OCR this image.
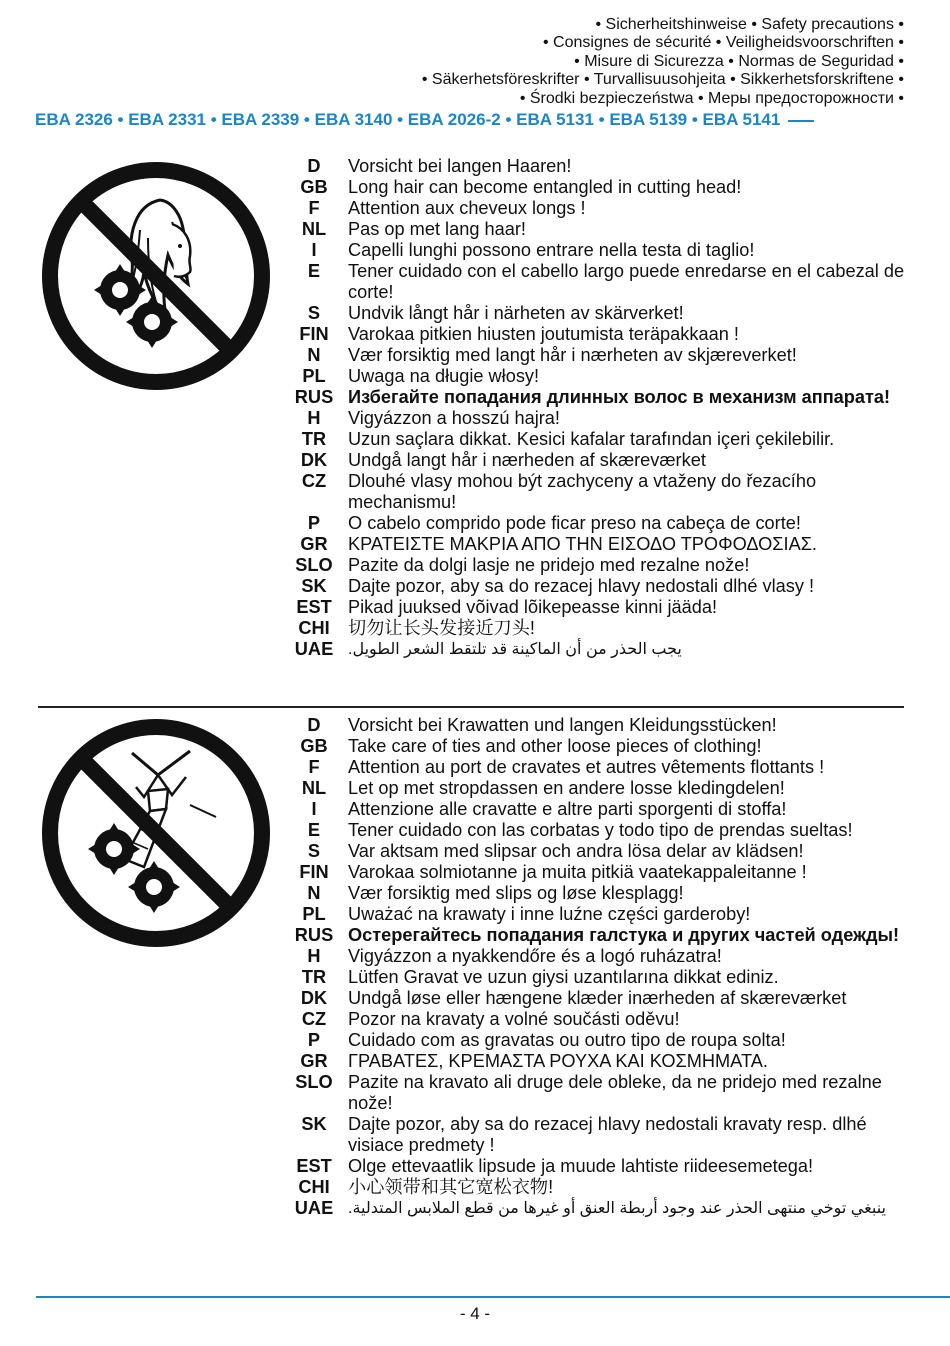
• Sicherheitshinweise • Safety precautions •
• Consignes de sécurité • Veiligheidsvoorschriften •
• Misure di Sicurezza • Normas de Seguridad •
• Säkerhetsföreskrifter • Turvallisuusohjeita • Sikkerhetsforskriftene •
• Środki bezpieczeństwa • Меры предосторожности •
EBA 2326 • EBA 2331 • EBA 2339 • EBA 3140 • EBA 2026-2 • EBA 5131 • EBA 5139 • EBA 5141
D	Vorsicht bei langen Haaren!
GB	Long hair can become entangled in cutting head!
F	Attention aux cheveux longs !
NL	Pas op met lang haar!
I	Capelli lunghi possono entrare nella testa di taglio!
E	Tener cuidado con el cabello largo puede enredarse en el cabezal de corte!
S	Undvik långt hår i närheten av skärverket!
FIN	Varokaa pitkien hiusten joutumista teräpakkaan !
N	Vær forsiktig med langt hår i nærheten av skjæreverket!
PL	Uwaga na długie włosy!
RUS Избегайте попадания длинных волос в механизм аппарата!
H	Vigyázzon a hosszú hajra!
TR	Uzun saçlara dikkat. Kesici kafalar tarafından içeri çekilebilir.
DK	Undgå langt hår i nærheden af skæreværket
CZ	Dlouhé vlasy mohou být zachyceny a vtaženy do řezacího mechanismu!
P	O cabelo comprido pode ficar preso na cabeça de corte!
GR	ΚΡΑΤΕΙΣΤΕ ΜΑΚΡΙΑ ΑΠΟ ΤΗΝ ΕΙΣΟΔΟ ΤΡΟΦΟΔΟΣΙΑΣ.
SLO Pazite da dolgi lasje ne pridejo med rezalne nože!
SK	Dajte pozor, aby sa do rezacej hlavy nedostali dlhé vlasy !
EST Pikad juuksed võivad lõikepeasse kinni jääda!
CHI	切勿让长头发接近刀头!
UAE يجب الحذر من أن الماكينة قد تلتقط الشعر الطويل.
D	Vorsicht bei Krawatten und langen Kleidungsstücken!
GB	Take care of ties and other loose pieces of clothing!
F	Attention au port de cravates et autres vêtements flottants !
NL	Let op met stropdassen en andere losse kledingdelen!
I	Attenzione alle cravatte e altre parti sporgenti di stoffa!
E	Tener cuidado con las corbatas y todo tipo de prendas sueltas!
S	Var aktsam med slipsar och andra lösa delar av klädsen!
FIN	Varokaa solmiotanne ja muita pitkiä vaatekappaleitanne !
N	Vær forsiktig med slips og løse klesplagg!
PL	Uważać na krawaty i inne luźne części garderoby!
RUS Остерегайтесь попадания галстука и других частей одежды!
H	Vigyázzon a nyakkendőre és a logó ruházatra!
TR	Lütfen Gravat ve uzun giysi uzantılarına dikkat ediniz.
DK	Undgå løse eller hængene klæder inærheden af skæreværket
CZ	Pozor na kravaty a volné součásti oděvu!
P	Cuidado com as gravatas ou outro tipo de roupa solta!
GR	ΓΡΑΒΑΤΕΣ, ΚΡΕΜΑΣΤΑ ΡΟΥΧΑ ΚΑΙ ΚΟΣΜΗΜΑΤΑ.
SLO Pazite na kravato ali druge dele obleke, da ne pridejo med rezalne nože!
SK	Dajte pozor, aby sa do rezacej hlavy nedostali kravaty resp. dlhé visiace predmety !
EST Olge ettevaatlik lipsude ja muude lahtiste riideesemetega!
CHI	小心领带和其它宽松衣物!
UAE ينبغي توخي منتهى الحذر عند وجود أربطة العنق أو غيرها من قطع الملابس المتدلية.
- 4 -
